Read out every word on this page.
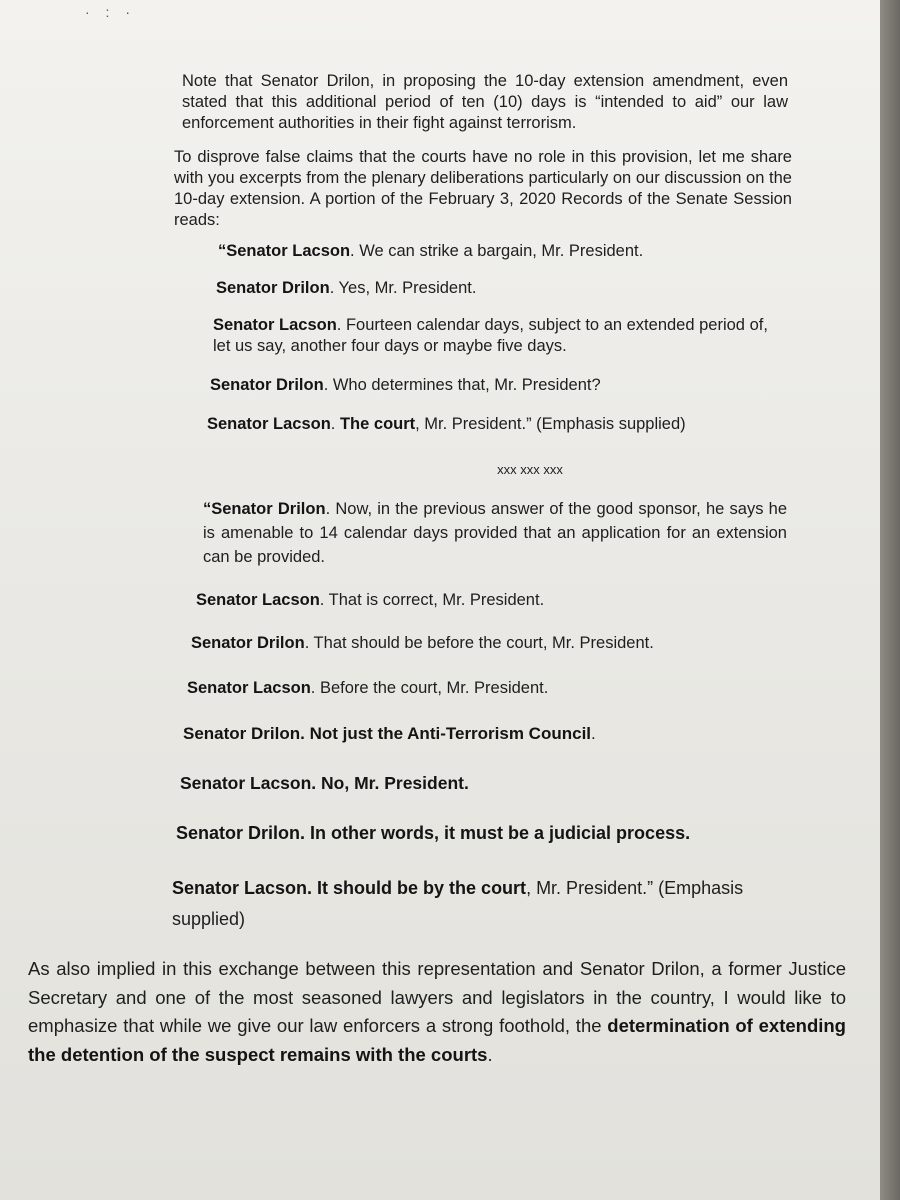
· : ·

Note that Senator Drilon, in proposing the 10-day extension amendment, even stated that this additional period of ten (10) days is “intended to aid” our law enforcement authorities in their fight against terrorism.

To disprove false claims that the courts have no role in this provision, let me share with you excerpts from the plenary deliberations particularly on our discussion on the 10-day extension. A portion of the February 3, 2020 Records of the Senate Session reads:

“Senator Lacson. We can strike a bargain, Mr. President.

Senator Drilon. Yes, Mr. President.

Senator Lacson. Fourteen calendar days, subject to an extended period of, let us say, another four days or maybe five days.

Senator Drilon. Who determines that, Mr. President?

Senator Lacson. The court, Mr. President.” (Emphasis supplied)

xxx xxx xxx

“Senator Drilon. Now, in the previous answer of the good sponsor, he says he is amenable to 14 calendar days provided that an application for an extension can be provided.

Senator Lacson. That is correct, Mr. President.

Senator Drilon. That should be before the court, Mr. President.

Senator Lacson. Before the court, Mr. President.

Senator Drilon. Not just the Anti-Terrorism Council.

Senator Lacson. No, Mr. President.

Senator Drilon. In other words, it must be a judicial process.

Senator Lacson. It should be by the court, Mr. President.” (Emphasis supplied)

As also implied in this exchange between this representation and Senator Drilon, a former Justice Secretary and one of the most seasoned lawyers and legislators in the country, I would like to emphasize that while we give our law enforcers a strong foothold, the determination of extending the detention of the suspect remains with the courts.
